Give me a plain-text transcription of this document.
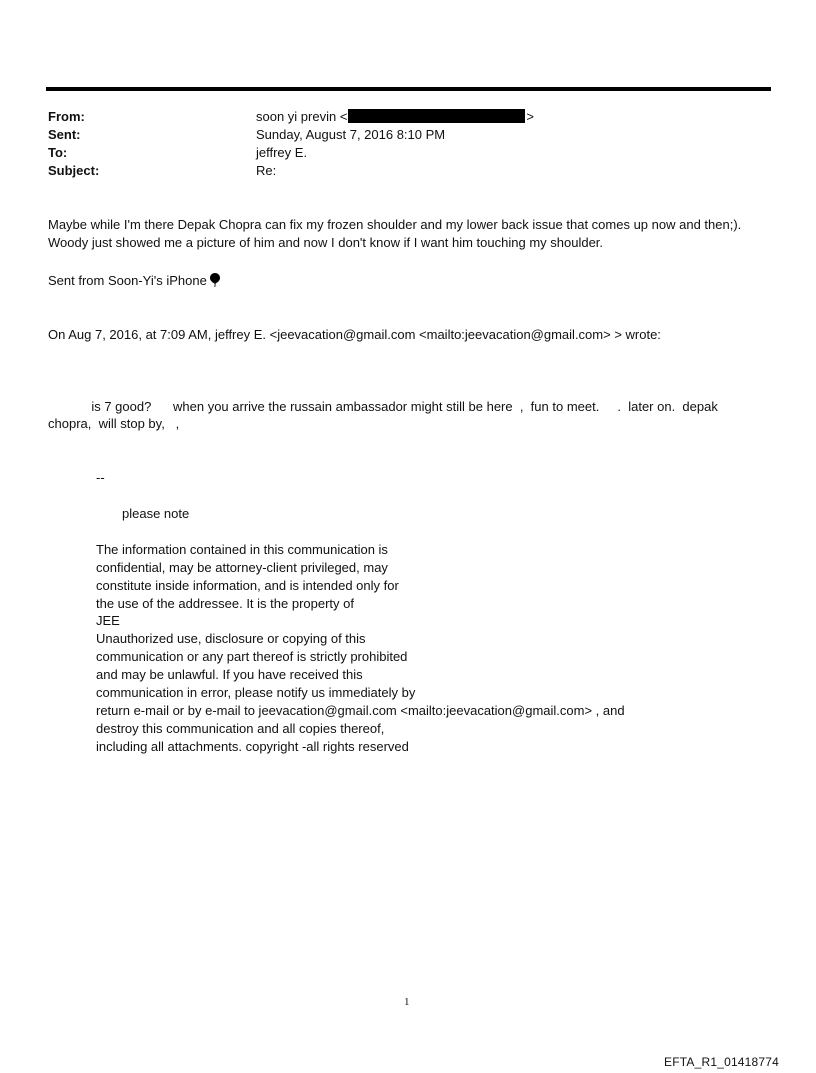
From:	soon yi previn <	>
Sent:	Sunday, August 7, 2016 8:10 PM
To:	jeffrey E.
Subject:	Re:
Maybe while I'm there Depak Chopra can fix my frozen shoulder and my lower back issue that comes up now and then;).
Woody just showed me a picture of him and now I don't know if I want him touching my shoulder.
Sent from Soon-Yi's iPhone
On Aug 7, 2016, at 7:09 AM, jeffrey E. <jeevacation@gmail.com <mailto:jeevacation@gmail.com> > wrote:
is 7 good?      when you arrive the russain ambassador might still be here  ,  fun to meet.     .  later on.  depak
chopra,  will stop by,   ,
--
please note
The information contained in this communication is
confidential, may be attorney-client privileged, may
constitute inside information, and is intended only for
the use of the addressee. It is the property of
JEE
Unauthorized use, disclosure or copying of this
communication or any part thereof is strictly prohibited
and may be unlawful. If you have received this
communication in error, please notify us immediately by
return e-mail or by e-mail to jeevacation@gmail.com <mailto:jeevacation@gmail.com> , and
destroy this communication and all copies thereof,
including all attachments. copyright -all rights reserved
1
EFTA_R1_01418774
